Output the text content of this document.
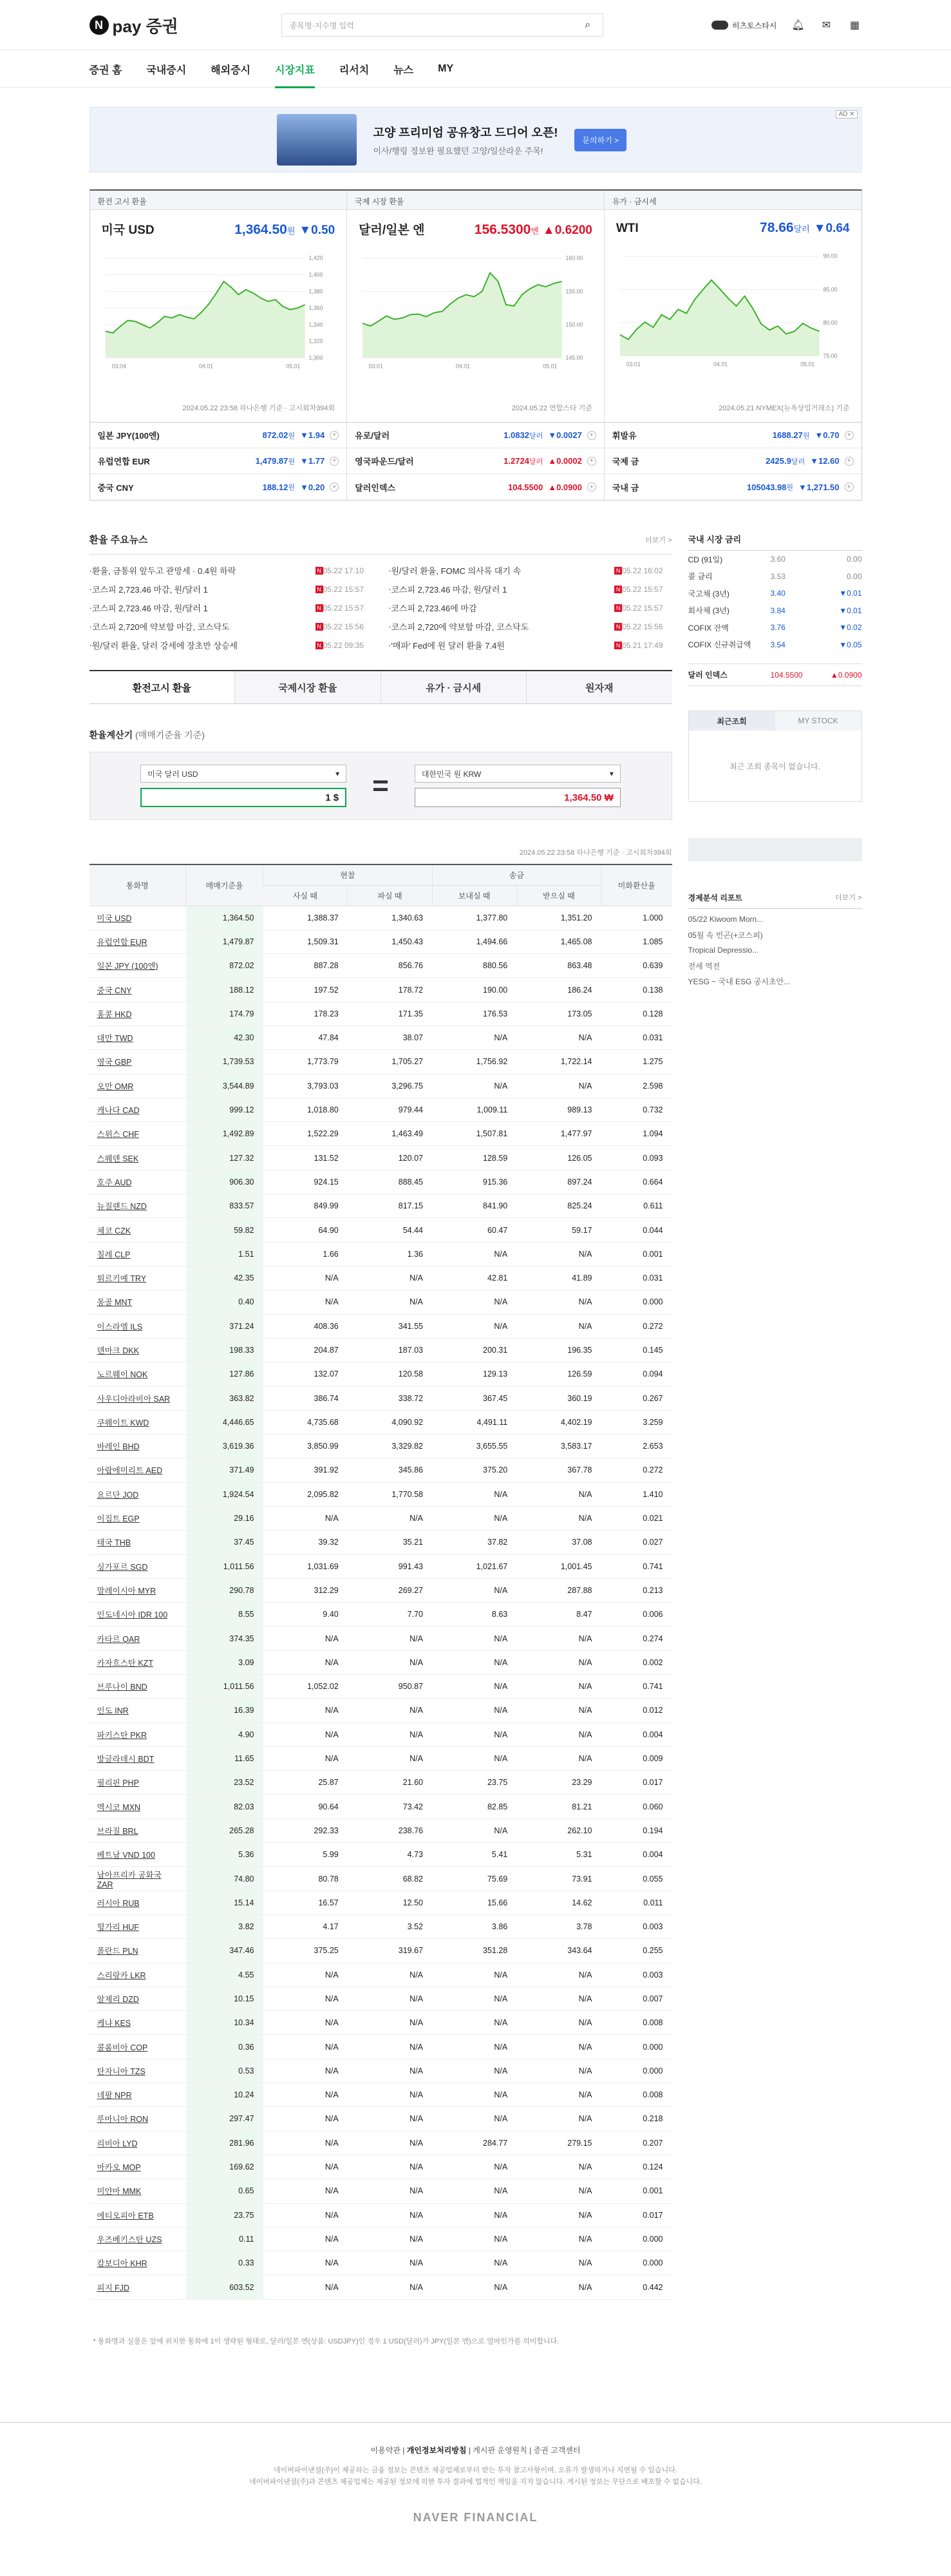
N pay 증권	종목명·지수명 입력	⌕	히츠토스타시 🔔︎ ✉ ▦
증권 홈 국내증시 해외증시 시장지표 리서치 뉴스 MY
고양 프리미엄 공유창고 드디어 오픈!
이사/행링 정보완 필요했던 고양/일산라운 주목!
문의하기 >
AD ✕
환전 고시 환율	국제 시장 환율	유가 · 금시세
미국 USD	1,364.50원 ▼0.50
1,420
1,400
1,380
1,360
1,340
1,320
1,300
03.04	04.01	05.01
2024.05.22 23:58 하나은행 기준 · 고시회차394회
달러/일본 엔	156.5300엔 ▲0.6200
160.00
155.00
150.00
145.00
03.01	04.01	05.01
2024.05.22 연합스타 기준
WTI	78.66달러 ▼0.64
90.00
85.00
80.00
75.00
03.01	04.01	05.01
2024.05.21 NYMEX(뉴욕상업거래소) 기준
일본 JPY(100엔)	872.02 원 ▼1.94	+
유럽연합 EUR	1,479.87 원 ▼1.77	+
중국 CNY	188.12 원 ▼0.20	+
유로/달러	1.0832 달러 ▼0.0027	+
영국파운드/달러	1.2724 달러 ▲0.0002	+
달러인덱스	104.5500 ▲0.0900	+
휘발유	1688.27 원 ▼0.70	+
국제 금	2425.9 달러 ▼12.60	+
국내 금	105043.98 원 ▼1,271.50	+
환율 주요뉴스	더보기 >
· 환율, 금통위 앞두고 관망세 · 0.4원 하락	N 05.22 17:10
· 코스피 2,723.46 마감, 원/달러 1	N 05.22 15:57
· 코스피 2,723.46 마감, 원/달러 1	N 05.22 15:57
· 코스피 2,720에 약보합 마감, 코스닥도	N 05.22 15:56
· 원/달러 환율, 달러 강세에 장초반 상승세	N 05.22 09:35
· 원/달러 환율, FOMC 의사록 대기 속	N 05.22 16:02
· 코스피 2,723.46 마감, 원/달러 1	N 05.22 15:57
· 코스피 2,723.46에 마감	N 05.22 15:57
· 코스피 2,720에 약보합 마감, 코스닥도	N 05.22 15:56
· '매파' Fed에 원 달러 환율 7.4원	N 05.21 17:49
환전고시 환율	국제시장 환율	유가 · 금시세	원자재
환율계산기 (매매기준율 기준)
미국 달러 USD	▾
1
$ =	대한민국 원 KRW	▾
1,364.50
₩
2024.05.22 23:58 하나은행 기준 · 고시회차394회
통화명	매매기준율	현찰		송금		미화환산율
		사실 때	파실 때	보내실 때	받으실 때	
미국 USD	1,364.50	1,388.37	1,340.63	1,377.80	1,351.20	1.000
유럽연합 EUR	1,479.87	1,509.31	1,450.43	1,494.66	1,465.08	1.085
일본 JPY (100엔)	872.02	887.28	856.76	880.56	863.48	0.639
중국 CNY	188.12	197.52	178.72	190.00	186.24	0.138
홍콩 HKD	174.79	178.23	171.35	176.53	173.05	0.128
대만 TWD	42.30	47.84	38.07	N/A	N/A	0.031
영국 GBP	1,739.53	1,773.79	1,705.27	1,756.92	1,722.14	1.275
오만 OMR	3,544.89	3,793.03	3,296.75	N/A	N/A	2.598
캐나다 CAD	999.12	1,018.80	979.44	1,009.11	989.13	0.732
스위스 CHF	1,492.89	1,522.29	1,463.49	1,507.81	1,477.97	1.094
스웨덴 SEK	127.32	131.52	120.07	128.59	126.05	0.093
호주 AUD	906.30	924.15	888.45	915.36	897.24	0.664
뉴질랜드 NZD	833.57	849.99	817.15	841.90	825.24	0.611
체코 CZK	59.82	64.90	54.44	60.47	59.17	0.044
칠레 CLP	1.51	1.66	1.36	N/A	N/A	0.001
튀르키예 TRY	42.35	N/A	N/A	42.81	41.89	0.031
몽골 MNT	0.40	N/A	N/A	N/A	N/A	0.000
이스라엘 ILS	371.24	408.36	341.55	N/A	N/A	0.272
덴마크 DKK	198.33	204.87	187.03	200.31	196.35	0.145
노르웨이 NOK	127.86	132.07	120.58	129.13	126.59	0.094
사우디아라비아 SAR	363.82	386.74	338.72	367.45	360.19	0.267
쿠웨이트 KWD	4,446.65	4,735.68	4,090.92	4,491.11	4,402.19	3.259
바레인 BHD	3,619.36	3,850.99	3,329.82	3,655.55	3,583.17	2.653
아랍에미리트 AED	371.49	391.92	345.86	375.20	367.78	0.272
요르단 JOD	1,924.54	2,095.82	1,770.58	N/A	N/A	1.410
이집트 EGP	29.16	N/A	N/A	N/A	N/A	0.021
태국 THB	37.45	39.32	35.21	37.82	37.08	0.027
싱가포르 SGD	1,011.56	1,031.69	991.43	1,021.67	1,001.45	0.741
말레이시아 MYR	290.78	312.29	269.27	N/A	287.88	0.213
인도네시아 IDR 100	8.55	9.40	7.70	8.63	8.47	0.006
카타르 QAR	374.35	N/A	N/A	N/A	N/A	0.274
카자흐스탄 KZT	3.09	N/A	N/A	N/A	N/A	0.002
브루나이 BND	1,011.56	1,052.02	950.87	N/A	N/A	0.741
인도 INR	16.39	N/A	N/A	N/A	N/A	0.012
파키스탄 PKR	4.90	N/A	N/A	N/A	N/A	0.004
방글라데시 BDT	11.65	N/A	N/A	N/A	N/A	0.009
필리핀 PHP	23.52	25.87	21.60	23.75	23.29	0.017
멕시코 MXN	82.03	90.64	73.42	82.85	81.21	0.060
브라질 BRL	265.28	292.33	238.76	N/A	262.10	0.194
베트남 VND 100	5.36	5.99	4.73	5.41	5.31	0.004
남아프리카 공화국 ZAR	74.80	80.78	68.82	75.69	73.91	0.055
러시아 RUB	15.14	16.57	12.50	15.66	14.62	0.011
헝가리 HUF	3.82	4.17	3.52	3.86	3.78	0.003
폴란드 PLN	347.46	375.25	319.67	351.28	343.64	0.255
스리랑카 LKR	4.55	N/A	N/A	N/A	N/A	0.003
알제리 DZD	10.15	N/A	N/A	N/A	N/A	0.007
케냐 KES	10.34	N/A	N/A	N/A	N/A	0.008
콜롬비아 COP	0.36	N/A	N/A	N/A	N/A	0.000
탄자니아 TZS	0.53	N/A	N/A	N/A	N/A	0.000
네팔 NPR	10.24	N/A	N/A	N/A	N/A	0.008
루마니아 RON	297.47	N/A	N/A	N/A	N/A	0.218
리비아 LYD	281.96	N/A	N/A	284.77	279.15	0.207
마카오 MOP	169.62	N/A	N/A	N/A	N/A	0.124
미얀마 MMK	0.65	N/A	N/A	N/A	N/A	0.001
에티오피아 ETB	23.75	N/A	N/A	N/A	N/A	0.017
우즈베키스탄 UZS	0.11	N/A	N/A	N/A	N/A	0.000
캄보디아 KHR	0.33	N/A	N/A	N/A	N/A	0.000
피지 FJD	603.52	N/A	N/A	N/A	N/A	0.442
* 통화명과 실물은 앞에 위치한 통화에 1이 생략된 형태로, 달러/일본 엔(상품: USDJPY)인 경우 1 USD(달러)가 JPY(일본 엔)으로 얼마인가를 의미합니다.
국내 시장 금리
CD (91일)	3.60	0.00
콜 금리	3.53	0.00
국고채 (3년)	3.40	▼0.01
회사채 (3년)	3.84	▼0.01
COFIX 잔액	3.76	▼0.02
COFIX 신규취급액	3.54	▼0.05
달러 인덱스	104.5500	▲0.0900
최근조회	MY STOCK
최근 조회 종목이 없습니다.
경제분석 리포트	더보기 >
05/22 Kiwoom Morn...
05월 속 빈곤(+코스피)
Tropical Depressio...
전세 역전
YESG ~ 국내 ESG 공시초안...
이용약관 | 개인정보처리방침 | 게시판 운영원칙 | 증권 고객센터
네이버파이낸셜(주)이 제공하는 금융 정보는 콘텐츠 제공업체로부터 받는 투자 참고사항이며, 오류가 발생하거나 지연될 수 있습니다.
네이버파이낸셜(주)과 콘텐츠 제공업체는 제공된 정보에 의한 투자 결과에 법적인 책임을 지지 않습니다. 게시된 정보는 무단으로 배포할 수 없습니다.
NAVER FINANCIAL
